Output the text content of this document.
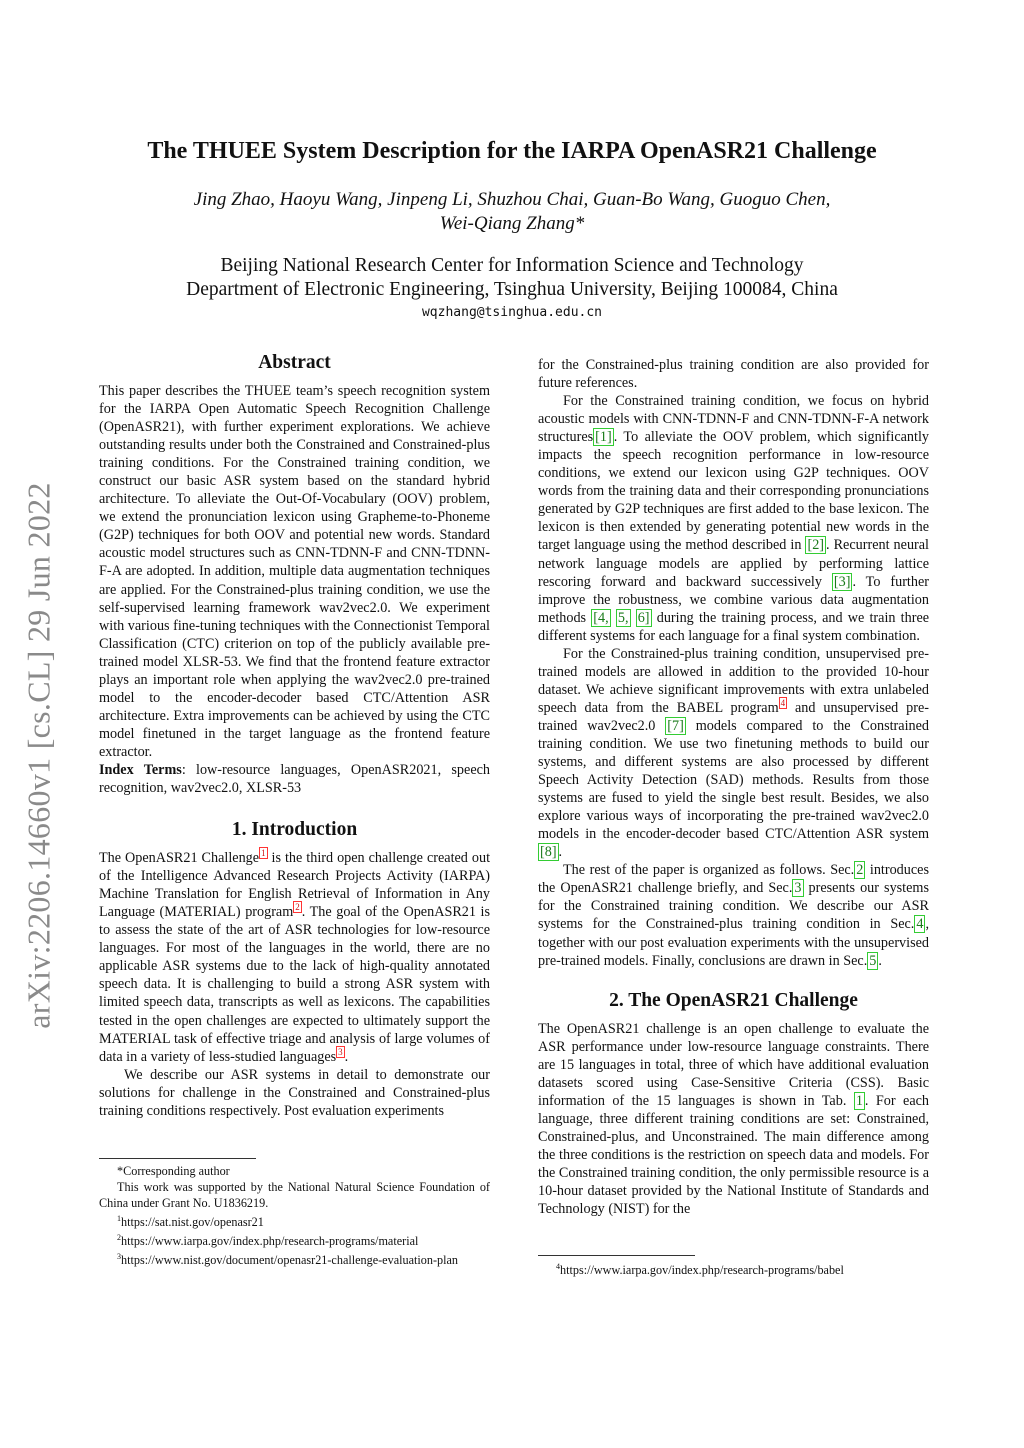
arXiv:2206.14660v1 [cs.CL] 29 Jun 2022
The THUEE System Description for the IARPA OpenASR21 Challenge
Jing Zhao, Haoyu Wang, Jinpeng Li, Shuzhou Chai, Guan-Bo Wang, Guoguo Chen,
Wei-Qiang Zhang*
Beijing National Research Center for Information Science and Technology
Department of Electronic Engineering, Tsinghua University, Beijing 100084, China
wqzhang@tsinghua.edu.cn
Abstract

This paper describes the THUEE team’s speech recognition system for the IARPA Open Automatic Speech Recognition Challenge (OpenASR21), with further experiment explorations. We achieve outstanding results under both the Constrained and Constrained-plus training conditions. For the Constrained training condition, we construct our basic ASR system based on the standard hybrid architecture. To alleviate the Out-Of-Vocabulary (OOV) problem, we extend the pronunciation lexicon using Grapheme-to-Phoneme (G2P) techniques for both OOV and potential new words. Standard acoustic model structures such as CNN-TDNN-F and CNN-TDNN-F-A are adopted. In addition, multiple data augmentation techniques are applied. For the Constrained-plus training condition, we use the self-supervised learning framework wav2vec2.0. We experiment with various fine-tuning techniques with the Connectionist Temporal Classification (CTC) criterion on top of the publicly available pre-trained model XLSR-53. We find that the frontend feature extractor plays an important role when applying the wav2vec2.0 pre-trained model to the encoder-decoder based CTC/Attention ASR architecture. Extra improvements can be achieved by using the CTC model finetuned in the target language as the frontend feature extractor.

Index Terms: low-resource languages, OpenASR2021, speech recognition, wav2vec2.0, XLSR-53
1. Introduction

The OpenASR21 Challenge $^1$ is the third open challenge created out of the Intelligence Advanced Research Projects Activity (IARPA) Machine Translation for English Retrieval of Information in Any Language (MATERIAL) program $^2$ . The goal of the OpenASR21 is to assess the state of the art of ASR technologies for low-resource languages. For most of the languages in the world, there are no applicable ASR systems due to the lack of high-quality annotated speech data. It is challenging to build a strong ASR system with limited speech data, transcripts as well as lexicons. The capabilities tested in the open challenges are expected to ultimately support the MATERIAL task of effective triage and analysis of large volumes of data in a variety of less-studied languages $^3$ .

We describe our ASR systems in detail to demonstrate our solutions for challenge in the Constrained and Constrained-plus training conditions respectively. Post evaluation experiments

*Corresponding author
This work was supported by the National Natural Science Foundation of China under Grant No. U1836219.
$^1$https://sat.nist.gov/openasr21
$^2$https://www.iarpa.gov/index.php/research-programs/material
$^3$https://www.nist.gov/document/openasr21-challenge-evaluation-plan

for the Constrained-plus training condition are also provided for future references.

For the Constrained training condition, we focus on hybrid acoustic models with CNN-TDNN-F and CNN-TDNN-F-A network structures [1] . To alleviate the OOV problem, which significantly impacts the speech recognition performance in low-resource conditions, we extend our lexicon using G2P techniques. OOV words from the training data and their corresponding pronunciations generated by G2P techniques are first added to the base lexicon. The lexicon is then extended by generating potential new words in the target language using the method described in [2] . Recurrent neural network language models are applied by performing lattice rescoring forward and backward successively [3] . To further improve the robustness, we combine various data augmentation methods [4, 5, 6] during the training process, and we train three different systems for each language for a final system combination.

For the Constrained-plus training condition, unsupervised pre-trained models are allowed in addition to the provided 10-hour dataset. We achieve significant improvements with extra unlabeled speech data from the BABEL program $^4$ and unsupervised pre-trained wav2vec2.0 [7] models compared to the Constrained training condition. We use two finetuning methods to build our systems, and different systems are also processed by different Speech Activity Detection (SAD) methods. Results from those systems are fused to yield the single best result. Besides, we also explore various ways of incorporating the pre-trained wav2vec2.0 models in the encoder-decoder based CTC/Attention ASR system [8] .

The rest of the paper is organized as follows. Sec. 2 introduces the OpenASR21 challenge briefly, and Sec. 3 presents our systems for the Constrained training condition. We describe our ASR systems for the Constrained-plus training condition in Sec. 4 , together with our post evaluation experiments with the unsupervised pre-trained models. Finally, conclusions are drawn in Sec. 5 .

2. The OpenASR21 Challenge

The OpenASR21 challenge is an open challenge to evaluate the ASR performance under low-resource language constraints. There are 15 languages in total, three of which have additional evaluation datasets scored using Case-Sensitive Criteria (CSS). Basic information of the 15 languages is shown in Tab. 1 . For each language, three different training conditions are set: Constrained, Constrained-plus, and Unconstrained. The main difference among the three conditions is the restriction on speech data and models. For the Constrained training condition, the only permissible resource is a 10-hour dataset provided by the National Institute of Standards and Technology (NIST) for the

$^4$https://www.iarpa.gov/index.php/research-programs/babel
